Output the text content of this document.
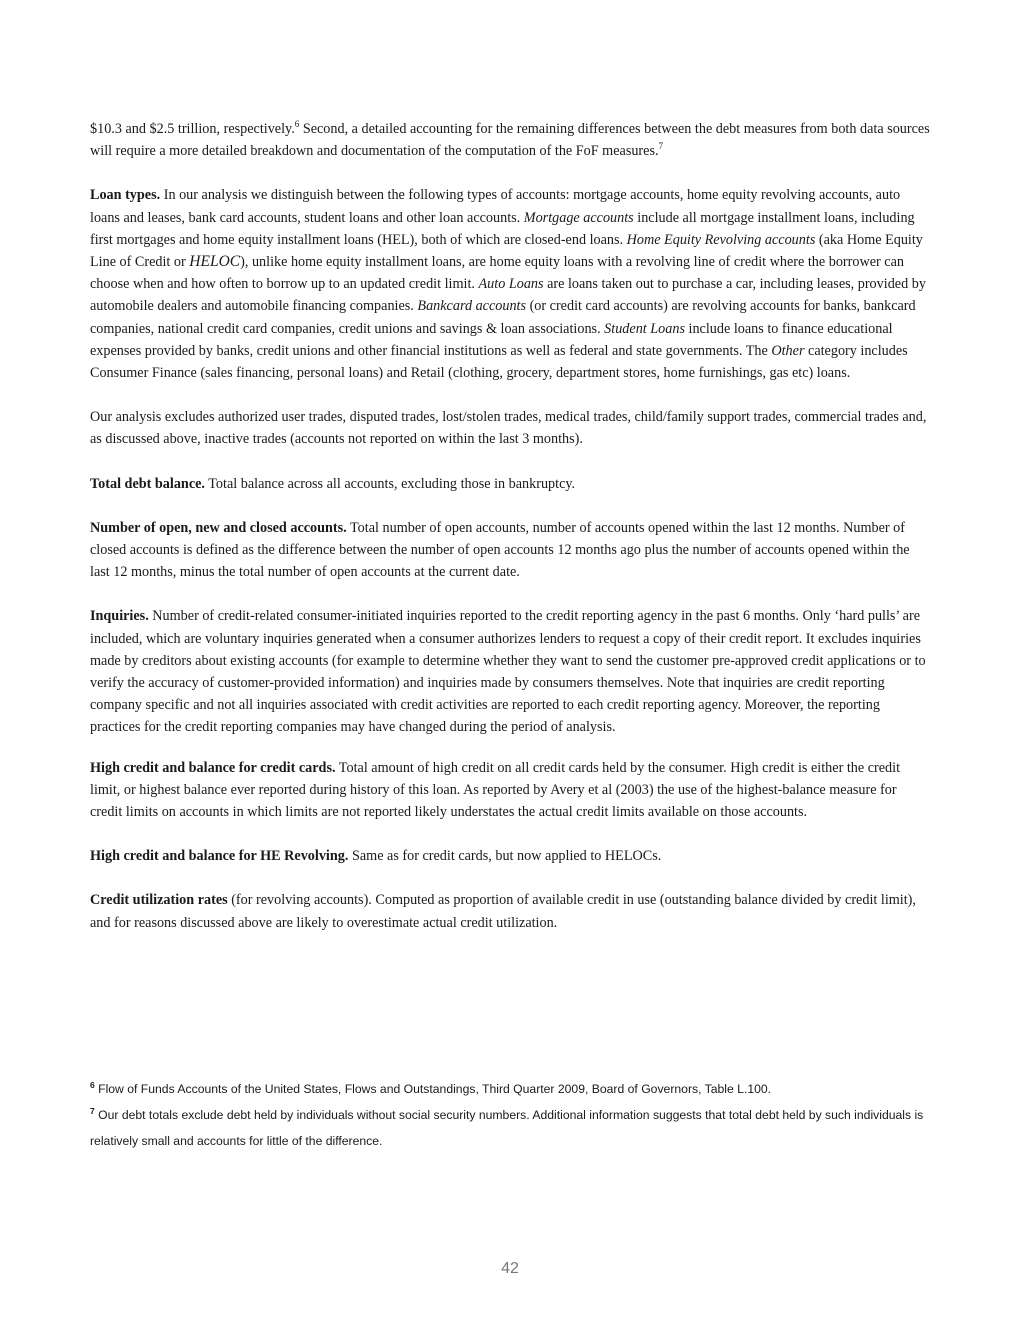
$10.3 and $2.5 trillion, respectively.$^6$ Second, a detailed accounting for the remaining differences between the debt measures from both data sources will require a more detailed breakdown and documentation of the computation of the FoF measures.$^7$

Loan types. In our analysis we distinguish between the following types of accounts: mortgage accounts, home equity revolving accounts, auto loans and leases, bank card accounts, student loans and other loan accounts. Mortgage accounts include all mortgage installment loans, including first mortgages and home equity installment loans (HEL), both of which are closed-end loans. Home Equity Revolving accounts (aka Home Equity Line of Credit or HELOC), unlike home equity installment loans, are home equity loans with a revolving line of credit where the borrower can choose when and how often to borrow up to an updated credit limit. Auto Loans are loans taken out to purchase a car, including leases, provided by automobile dealers and automobile financing companies. Bankcard accounts (or credit card accounts) are revolving accounts for banks, bankcard companies, national credit card companies, credit unions and savings & loan associations. Student Loans include loans to finance educational expenses provided by banks, credit unions and other financial institutions as well as federal and state governments. The Other category includes Consumer Finance (sales financing, personal loans) and Retail (clothing, grocery, department stores, home furnishings, gas etc) loans.

Our analysis excludes authorized user trades, disputed trades, lost/stolen trades, medical trades, child/family support trades, commercial trades and, as discussed above, inactive trades (accounts not reported on within the last 3 months).

Total debt balance. Total balance across all accounts, excluding those in bankruptcy.

Number of open, new and closed accounts. Total number of open accounts, number of accounts opened within the last 12 months. Number of closed accounts is defined as the difference between the number of open accounts 12 months ago plus the number of accounts opened within the last 12 months, minus the total number of open accounts at the current date.

Inquiries. Number of credit-related consumer-initiated inquiries reported to the credit reporting agency in the past 6 months. Only ‘hard pulls’ are included, which are voluntary inquiries generated when a consumer authorizes lenders to request a copy of their credit report. It excludes inquiries made by creditors about existing accounts (for example to determine whether they want to send the customer pre-approved credit applications or to verify the accuracy of customer-provided information) and inquiries made by consumers themselves. Note that inquiries are credit reporting company specific and not all inquiries associated with credit activities are reported to each credit reporting agency. Moreover, the reporting practices for the credit reporting companies may have changed during the period of analysis.

High credit and balance for credit cards. Total amount of high credit on all credit cards held by the consumer. High credit is either the credit limit, or highest balance ever reported during history of this loan. As reported by Avery et al (2003) the use of the highest-balance measure for credit limits on accounts in which limits are not reported likely understates the actual credit limits available on those accounts.

High credit and balance for HE Revolving. Same as for credit cards, but now applied to HELOCs.

Credit utilization rates (for revolving accounts). Computed as proportion of available credit in use (outstanding balance divided by credit limit), and for reasons discussed above are likely to overestimate actual credit utilization.

$^6$ Flow of Funds Accounts of the United States, Flows and Outstandings, Third Quarter 2009, Board of Governors, Table L.100.

$^7$ Our debt totals exclude debt held by individuals without social security numbers. Additional information suggests that total debt held by such individuals is relatively small and accounts for little of the difference.

42
